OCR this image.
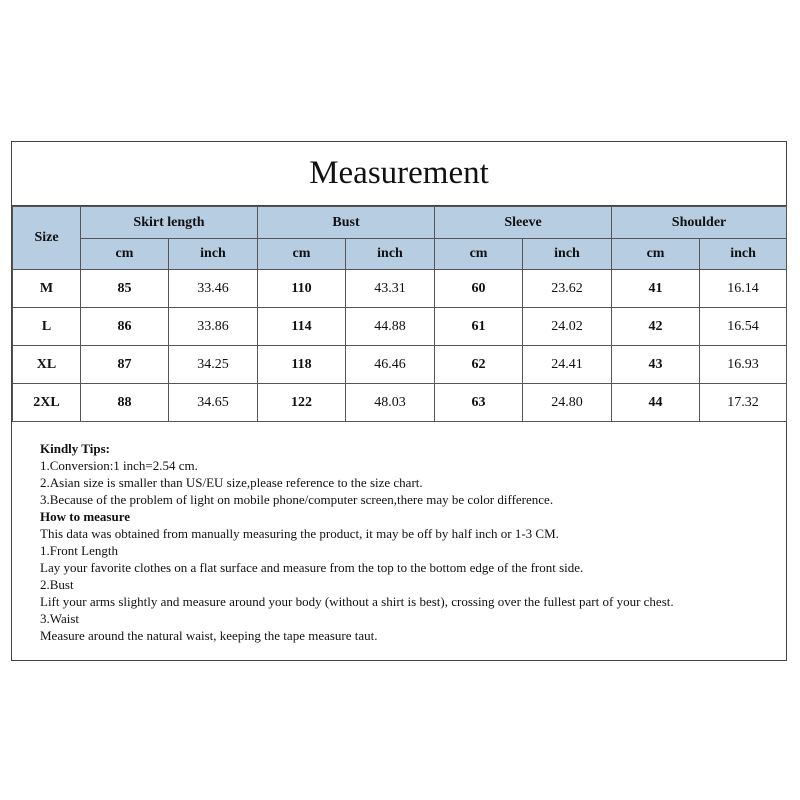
Measurement
Size	Skirt length		Bust		Sleeve		Shoulder	
	cm	inch	cm	inch	cm	inch	cm	inch
M	85	33.46	110	43.31	60	23.62	41	16.14
L	86	33.86	114	44.88	61	24.02	42	16.54
XL	87	34.25	118	46.46	62	24.41	43	16.93
2XL	88	34.65	122	48.03	63	24.80	44	17.32
Kindly Tips:
1.Conversion:1 inch=2.54 cm.
2.Asian size is smaller than US/EU size,please reference to the size chart.
3.Because of the problem of light on mobile phone/computer screen,there may be color difference.
How to measure
This data was obtained from manually measuring the product, it may be off by half inch or 1-3 CM.
1.Front Length
Lay your favorite clothes on a flat surface and measure from the top to the bottom edge of the front side.
2.Bust
Lift your arms slightly and measure around your body (without a shirt is best), crossing over the fullest part of your chest.
3.Waist
Measure around the natural waist, keeping the tape measure taut.
